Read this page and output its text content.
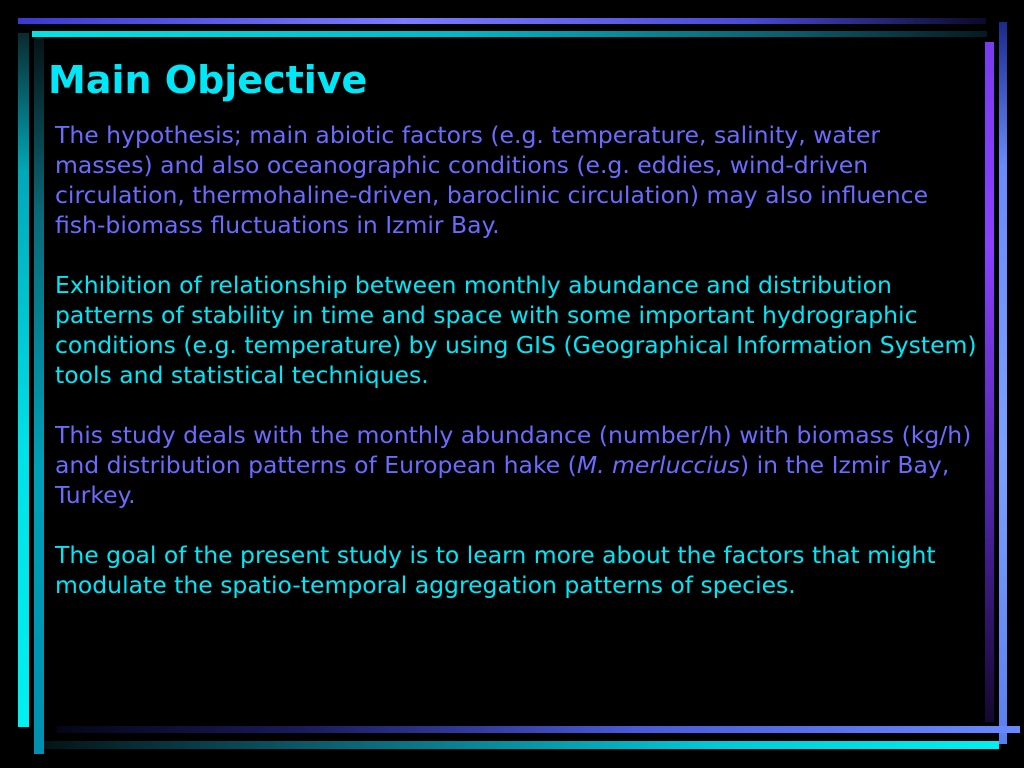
Main Objective

The hypothesis; main abiotic factors (e.g. temperature, salinity, water masses) and also oceanographic conditions (e.g. eddies, wind-driven circulation, thermohaline-driven, baroclinic circulation) may also influence fish-biomass fluctuations in Izmir Bay.

Exhibition of relationship between monthly abundance and distribution patterns of stability in time and space with some important hydrographic conditions (e.g. temperature) by using GIS (Geographical Information System) tools and statistical techniques.

This study deals with the monthly abundance (number/h) with biomass (kg/h) and distribution patterns of European hake (M. merluccius) in the Izmir Bay, Turkey.

The goal of the present study is to learn more about the factors that might modulate the spatio-temporal aggregation patterns of species.
